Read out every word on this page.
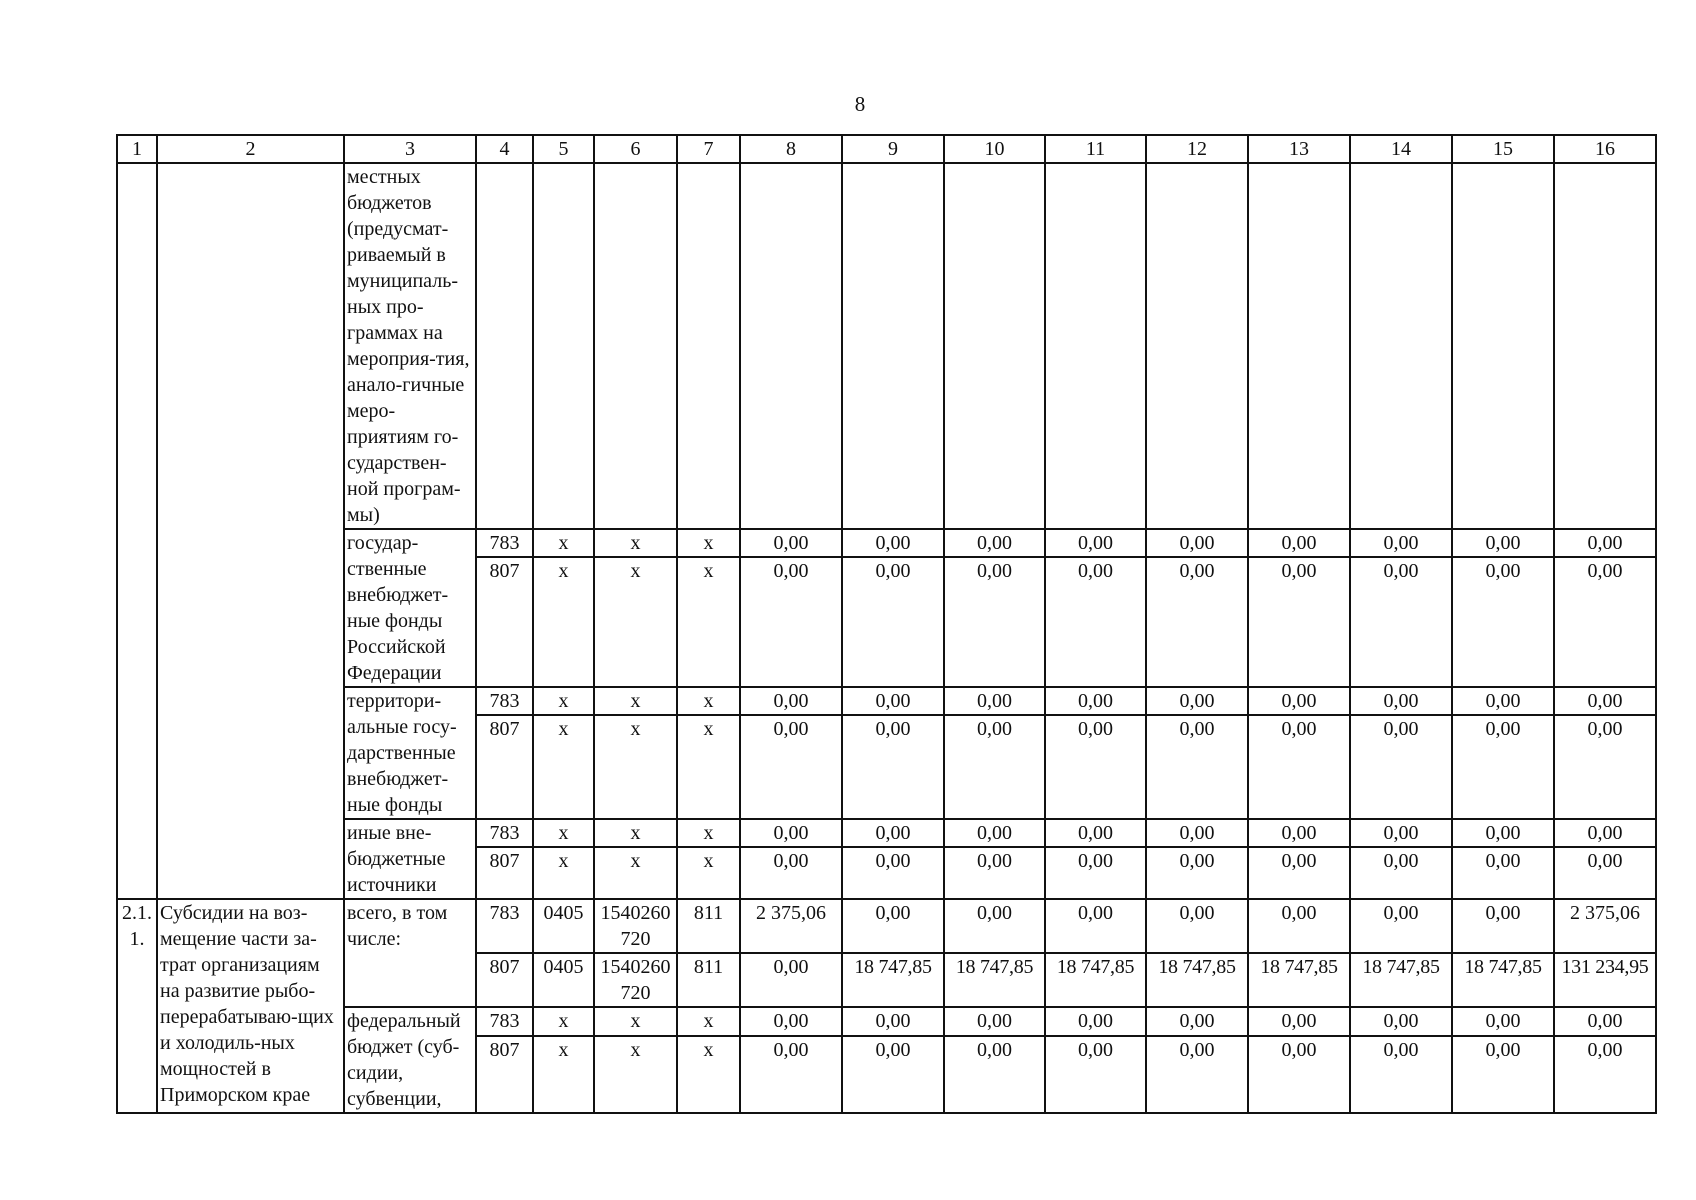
8
1	2	3	4	5	6	7	8	9	10	11	12	13	14	15	16
		местных бюджетов (предусмат-риваемый в муниципаль-ных про-граммах на мероприя-тия, анало-гичные меро-приятиям го-сударствен-ной програм-мы)													
		государ-ственные внебюджет-ные фонды Российской Федерации	783	x	x	x	0,00	0,00	0,00	0,00	0,00	0,00	0,00	0,00	0,00
			807	x	x	x	0,00	0,00	0,00	0,00	0,00	0,00	0,00	0,00	0,00
		территори-альные госу-дарственные внебюджет-ные фонды	783	x	x	x	0,00	0,00	0,00	0,00	0,00	0,00	0,00	0,00	0,00
			807	x	x	x	0,00	0,00	0,00	0,00	0,00	0,00	0,00	0,00	0,00
		иные вне-бюджетные источники	783	x	x	x	0,00	0,00	0,00	0,00	0,00	0,00	0,00	0,00	0,00
			807	x	x	x	0,00	0,00	0,00	0,00	0,00	0,00	0,00	0,00	0,00
2.1.1.	Субсидии на воз-мещение части за-трат организациям на развитие рыбо-перерабатываю-щих и холодиль-ных мощностей в Приморском крае	всего, в том числе:	783	0405	1540260720	811	2 375,06	0,00	0,00	0,00	0,00	0,00	0,00	0,00	2 375,06
			807	0405	1540260720	811	0,00	18 747,85	18 747,85	18 747,85	18 747,85	18 747,85	18 747,85	18 747,85	131 234,95
		федеральный бюджет (суб-сидии, субвенции,	783	x	x	x	0,00	0,00	0,00	0,00	0,00	0,00	0,00	0,00	0,00
			807	x	x	x	0,00	0,00	0,00	0,00	0,00	0,00	0,00	0,00	0,00
